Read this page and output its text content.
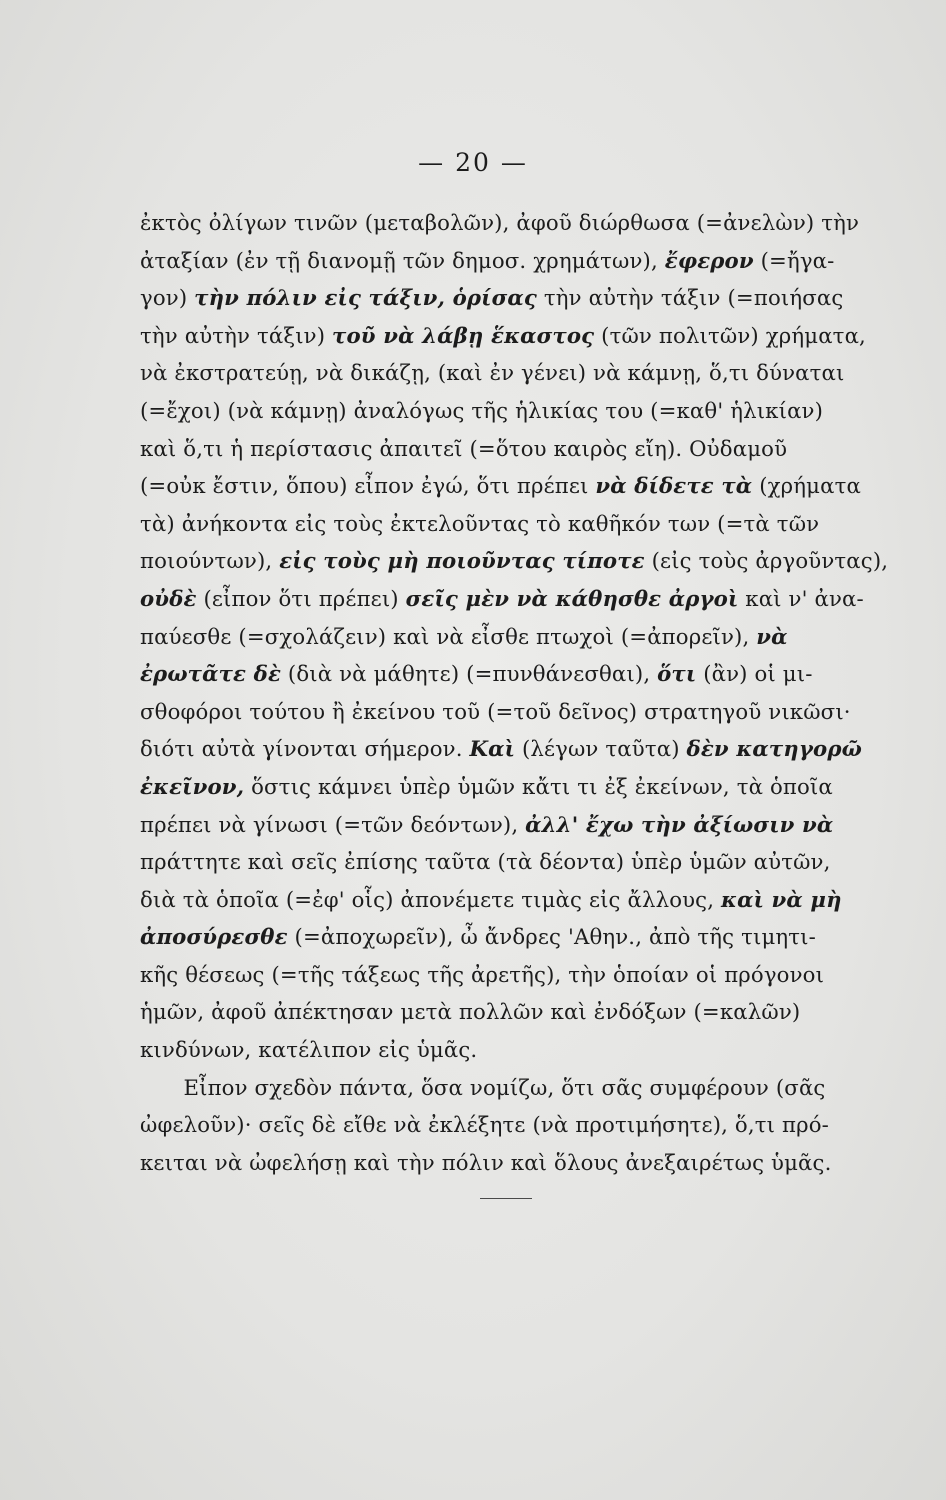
— 20 —
ἐκτὸς ὀλίγων τινῶν (μεταβολῶν), ἀφοῦ διώρθωσα (=ἀνελὼν) τὴν
ἀταξίαν (ἐν τῇ διανομῇ τῶν δημοσ. χρημάτων), ἔφερον (=ἤγα-
γον) τὴν πόλιν εἰς τάξιν, ὁρίσας τὴν αὐτὴν τάξιν (=ποιήσας
τὴν αὐτὴν τάξιν) τοῦ νὰ λάβῃ ἕκαστος (τῶν πολιτῶν) χρήματα,
νὰ ἐκστρατεύῃ, νὰ δικάζῃ, (καὶ ἐν γένει) νὰ κάμνῃ, ὅ,τι δύναται
(=ἔχοι) (νὰ κάμνῃ) ἀναλόγως τῆς ἡλικίας του (=καθ' ἡλικίαν)
καὶ ὅ,τι ἡ περίστασις ἀπαιτεῖ (=ὅτου καιρὸς εἴη). Οὐδαμοῦ
(=οὐκ ἔστιν, ὅπου) εἶπον ἐγώ, ὅτι πρέπει νὰ δίδετε τὰ (χρήματα
τὰ) ἀνήκοντα εἰς τοὺς ἐκτελοῦντας τὸ καθῆκόν των (=τὰ τῶν
ποιούντων), εἰς τοὺς μὴ ποιοῦντας τίποτε (εἰς τοὺς ἀργοῦντας),
οὐδὲ (εἶπον ὅτι πρέπει) σεῖς μὲν νὰ κάθησθε ἀργοὶ καὶ ν' ἀνα-
παύεσθε (=σχολάζειν) καὶ νὰ εἶσθε πτωχοὶ (=ἀπορεῖν), νὰ
ἐρωτᾶτε δὲ (διὰ νὰ μάθητε) (=πυνθάνεσθαι), ὅτι (ἂν) οἱ μι-
σθοφόροι τούτου ἢ ἐκείνου τοῦ (=τοῦ δεῖνος) στρατηγοῦ νικῶσι·
διότι αὐτὰ γίνονται σήμερον. Καὶ (λέγων ταῦτα) δὲν κατηγορῶ
ἐκεῖνον, ὅστις κάμνει ὑπὲρ ὑμῶν κἄτι τι ἐξ ἐκείνων, τὰ ὁποῖα
πρέπει νὰ γίνωσι (=τῶν δεόντων), ἀλλ' ἔχω τὴν ἀξίωσιν νὰ
πράττητε καὶ σεῖς ἐπίσης ταῦτα (τὰ δέοντα) ὑπὲρ ὑμῶν αὐτῶν,
διὰ τὰ ὁποῖα (=ἐφ' οἷς) ἀπονέμετε τιμὰς εἰς ἄλλους, καὶ νὰ μὴ
ἀποσύρεσθε (=ἀποχωρεῖν), ὦ ἄνδρες 'Αθην., ἀπὸ τῆς τιμητι-
κῆς θέσεως (=τῆς τάξεως τῆς ἀρετῆς), τὴν ὁποίαν οἱ πρόγονοι
ἡμῶν, ἀφοῦ ἀπέκτησαν μετὰ πολλῶν καὶ ἐνδόξων (=καλῶν)
κινδύνων, κατέλιπον εἰς ὑμᾶς.
Εἶπον σχεδὸν πάντα, ὅσα νομίζω, ὅτι σᾶς συμφέρουν (σᾶς
ὠφελοῦν)· σεῖς δὲ εἴθε νὰ ἐκλέξητε (νὰ προτιμήσητε), ὅ,τι πρό-
κειται νὰ ὠφελήσῃ καὶ τὴν πόλιν καὶ ὅλους ἀνεξαιρέτως ὑμᾶς.
